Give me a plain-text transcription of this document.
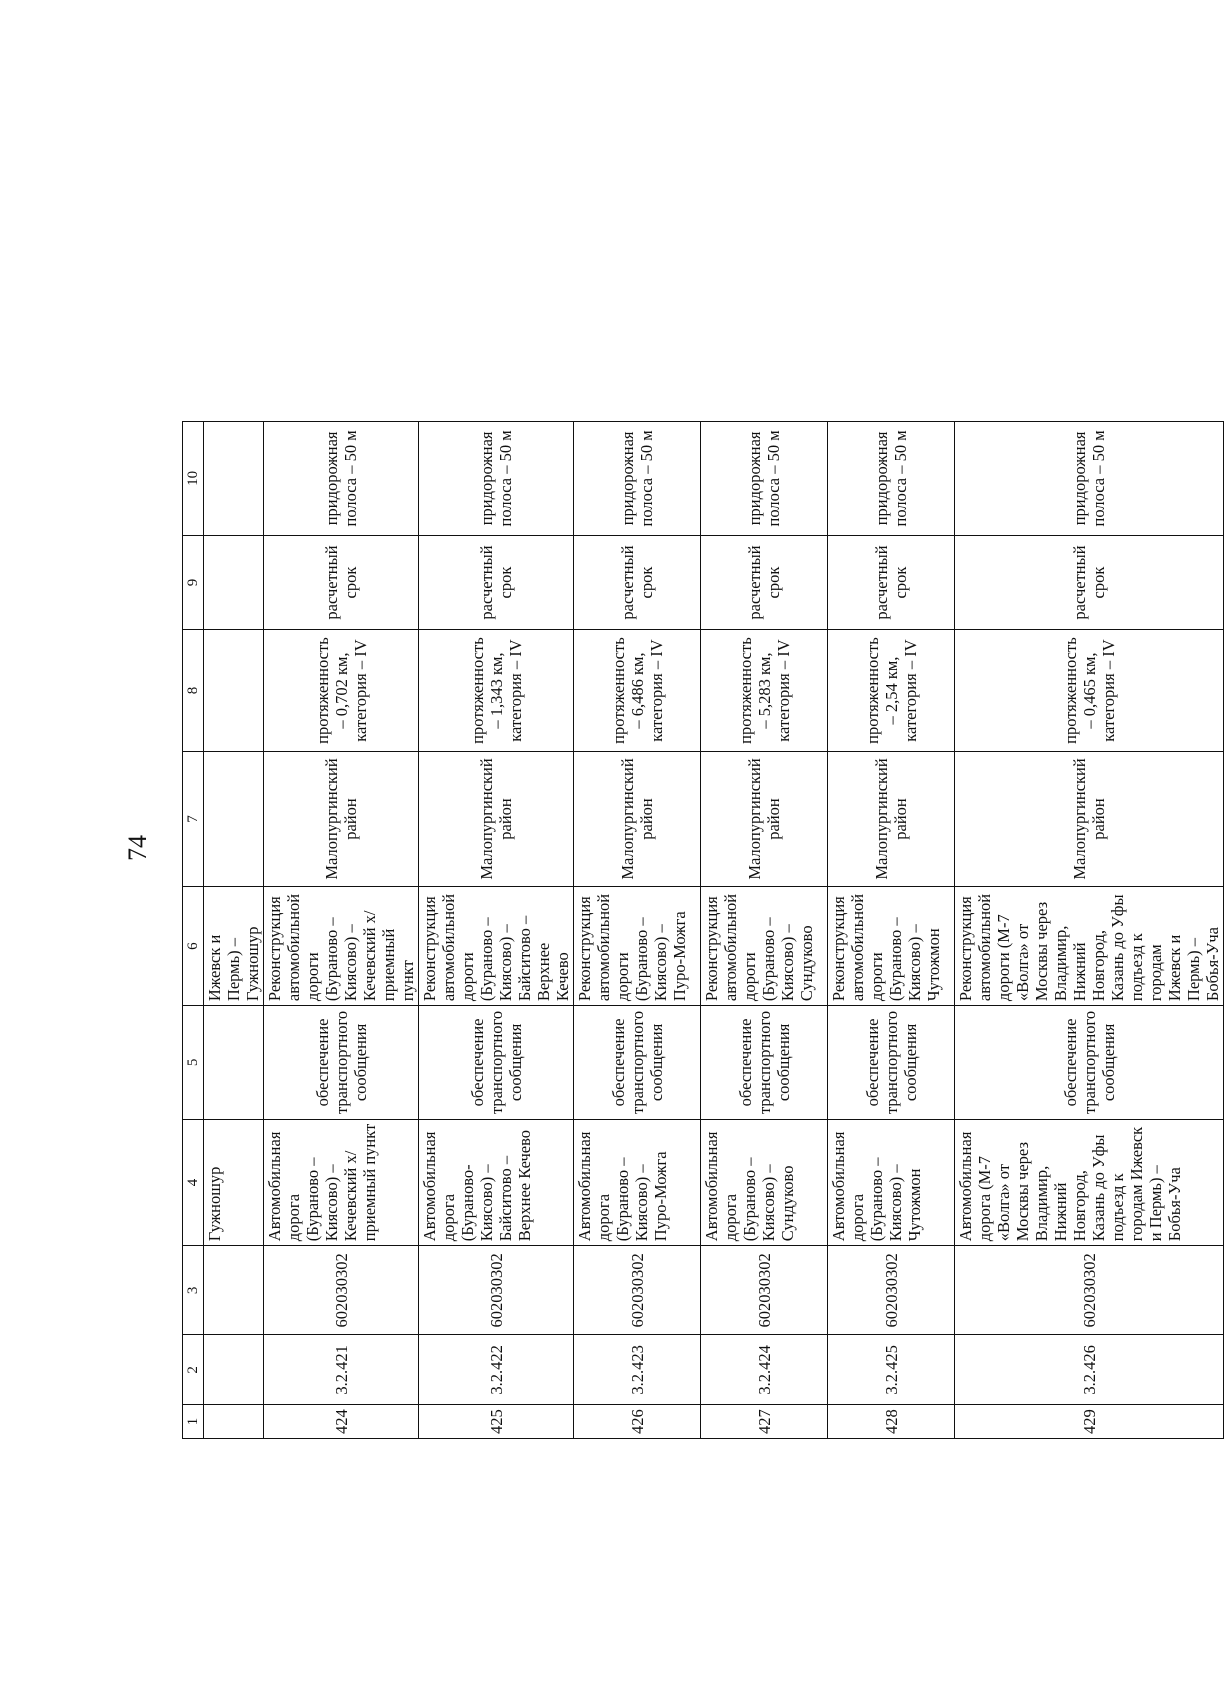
74
1	2	3	4	5	6	7	8	9	10
			Гужношур		Ижевск и Пермь) – Гужношур				
424	3.2.421	602030302	Автомобильная дорога (Бураново – Киясово) – Кечевский х/приемный пункт	обеспечение транспортного сообщения	Реконструкция автомобильной дороги (Бураново – Киясово) – Кечевский х/приемный пункт	Малопургинский район	протяженность – 0,702 км, категория – IV	расчетный срок	придорожная полоса – 50 м
425	3.2.422	602030302	Автомобильная дорога (Бураново-Киясово) – Байситово – Верхнее Кечево	обеспечение транспортного сообщения	Реконструкция автомобильной дороги (Бураново – Киясово) – Байситово – Верхнее Кечево	Малопургинский район	протяженность – 1,343 км, категория – IV	расчетный срок	придорожная полоса – 50 м
426	3.2.423	602030302	Автомобильная дорога (Бураново – Киясово) – Пуро-Можга	обеспечение транспортного сообщения	Реконструкция автомобильной дороги (Бураново – Киясово) – Пуро-Можга	Малопургинский район	протяженность – 6,486 км, категория – IV	расчетный срок	придорожная полоса – 50 м
427	3.2.424	602030302	Автомобильная дорога (Бураново – Киясово) – Сундуково	обеспечение транспортного сообщения	Реконструкция автомобильной дороги (Бураново – Киясово) – Сундуково	Малопургинский район	протяженность – 5,283 км, категория – IV	расчетный срок	придорожная полоса – 50 м
428	3.2.425	602030302	Автомобильная дорога (Бураново – Киясово) – Чутожмон	обеспечение транспортного сообщения	Реконструкция автомобильной дороги (Бураново – Киясово) – Чутожмон	Малопургинский район	протяженность – 2,54 км, категория – IV	расчетный срок	придорожная полоса – 50 м
429	3.2.426	602030302	Автомобильная дорога (М-7 «Волга» от Москвы через Владимир, Нижний Новгород, Казань до Уфы подъезд к городам Ижевск и Пермь) – Бобья-Уча	обеспечение транспортного сообщения	Реконструкция автомобильной дороги (М-7 «Волга» от Москвы через Владимир, Нижний Новгород, Казань до Уфы подъезд к городам Ижевск и Пермь) – Бобья-Уча	Малопургинский район	протяженность – 0,465 км, категория – IV	расчетный срок	придорожная полоса – 50 м
